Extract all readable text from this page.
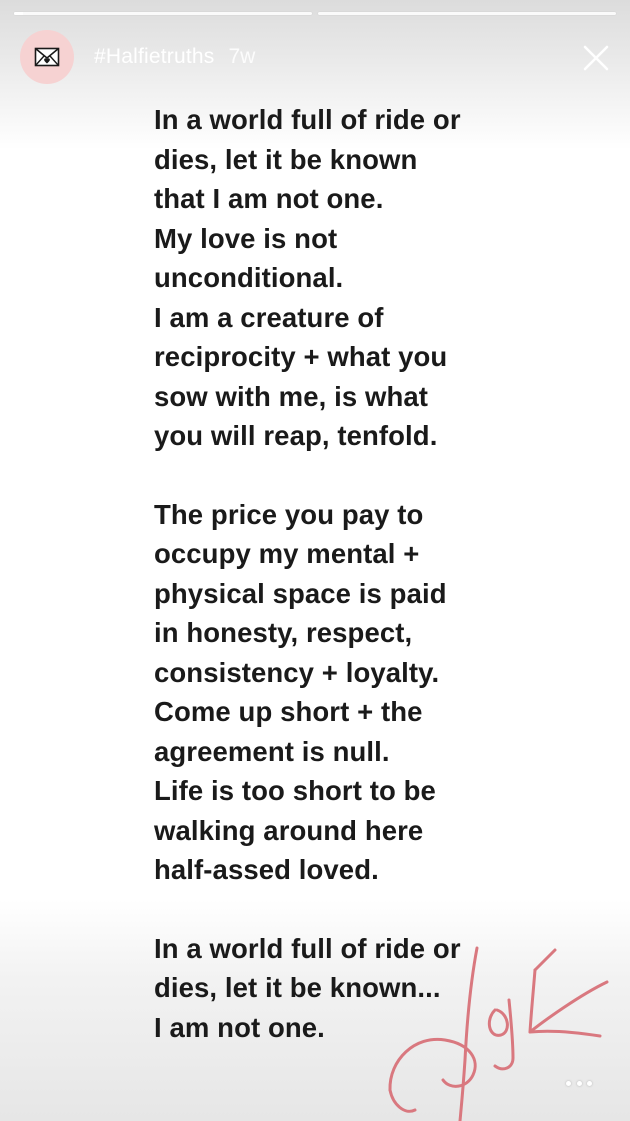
#Halfietruths 7w
In a world full of ride or
dies, let it be known
that I am not one.
My love is not
unconditional.
I am a creature of
reciprocity + what you
sow with me, is what
you will reap, tenfold.
The price you pay to
occupy my mental +
physical space is paid
in honesty, respect,
consistency + loyalty.
Come up short + the
agreement is null.
Life is too short to be
walking around here
half-assed loved.
In a world full of ride or
dies, let it be known...
I am not one.
